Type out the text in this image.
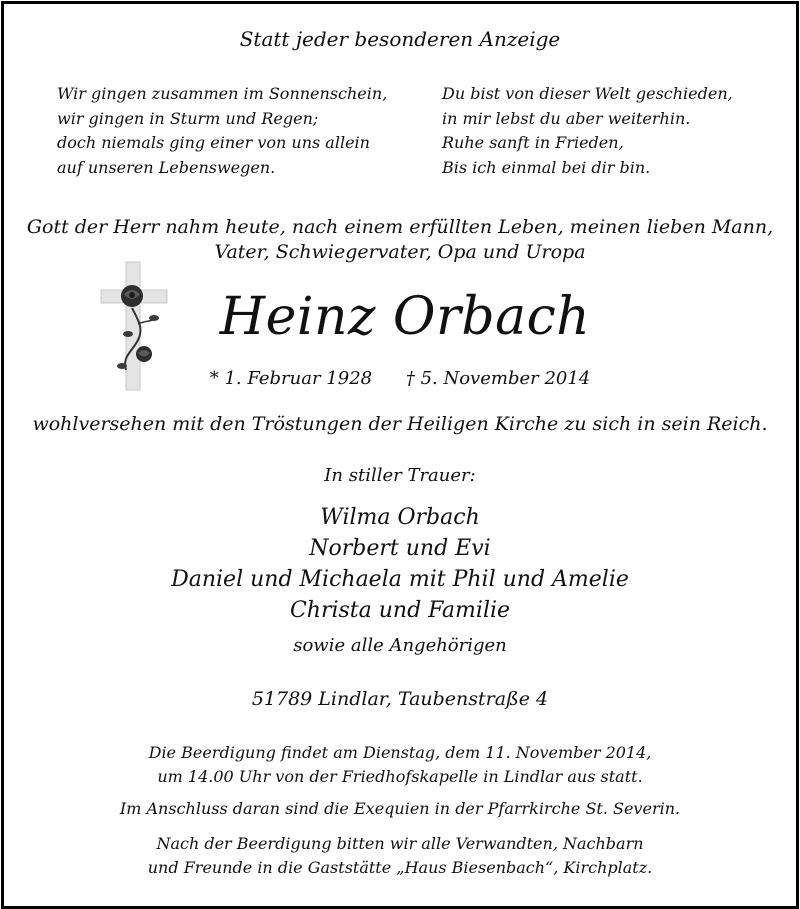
Statt jeder besonderen Anzeige
Wir gingen zusammen im Sonnenschein,
wir gingen in Sturm und Regen;
doch niemals ging einer von uns allein
auf unseren Lebenswegen.
Du bist von dieser Welt geschieden,
in mir lebst du aber weiterhin.
Ruhe sanft in Frieden,
Bis ich einmal bei dir bin.
Gott der Herr nahm heute, nach einem erfüllten Leben, meinen lieben Mann,
Vater, Schwiegervater, Opa und Uropa
Heinz Orbach
* 1. Februar 1928 † 5. November 2014
wohlversehen mit den Tröstungen der Heiligen Kirche zu sich in sein Reich.
In stiller Trauer:
Wilma Orbach
Norbert und Evi
Daniel und Michaela mit Phil und Amelie
Christa und Familie
sowie alle Angehörigen
51789 Lindlar, Taubenstraße 4
Die Beerdigung findet am Dienstag, dem 11. November 2014,
um 14.00 Uhr von der Friedhofskapelle in Lindlar aus statt.
Im Anschluss daran sind die Exequien in der Pfarrkirche St. Severin.
Nach der Beerdigung bitten wir alle Verwandten, Nachbarn
und Freunde in die Gaststätte „Haus Biesenbach“, Kirchplatz.
